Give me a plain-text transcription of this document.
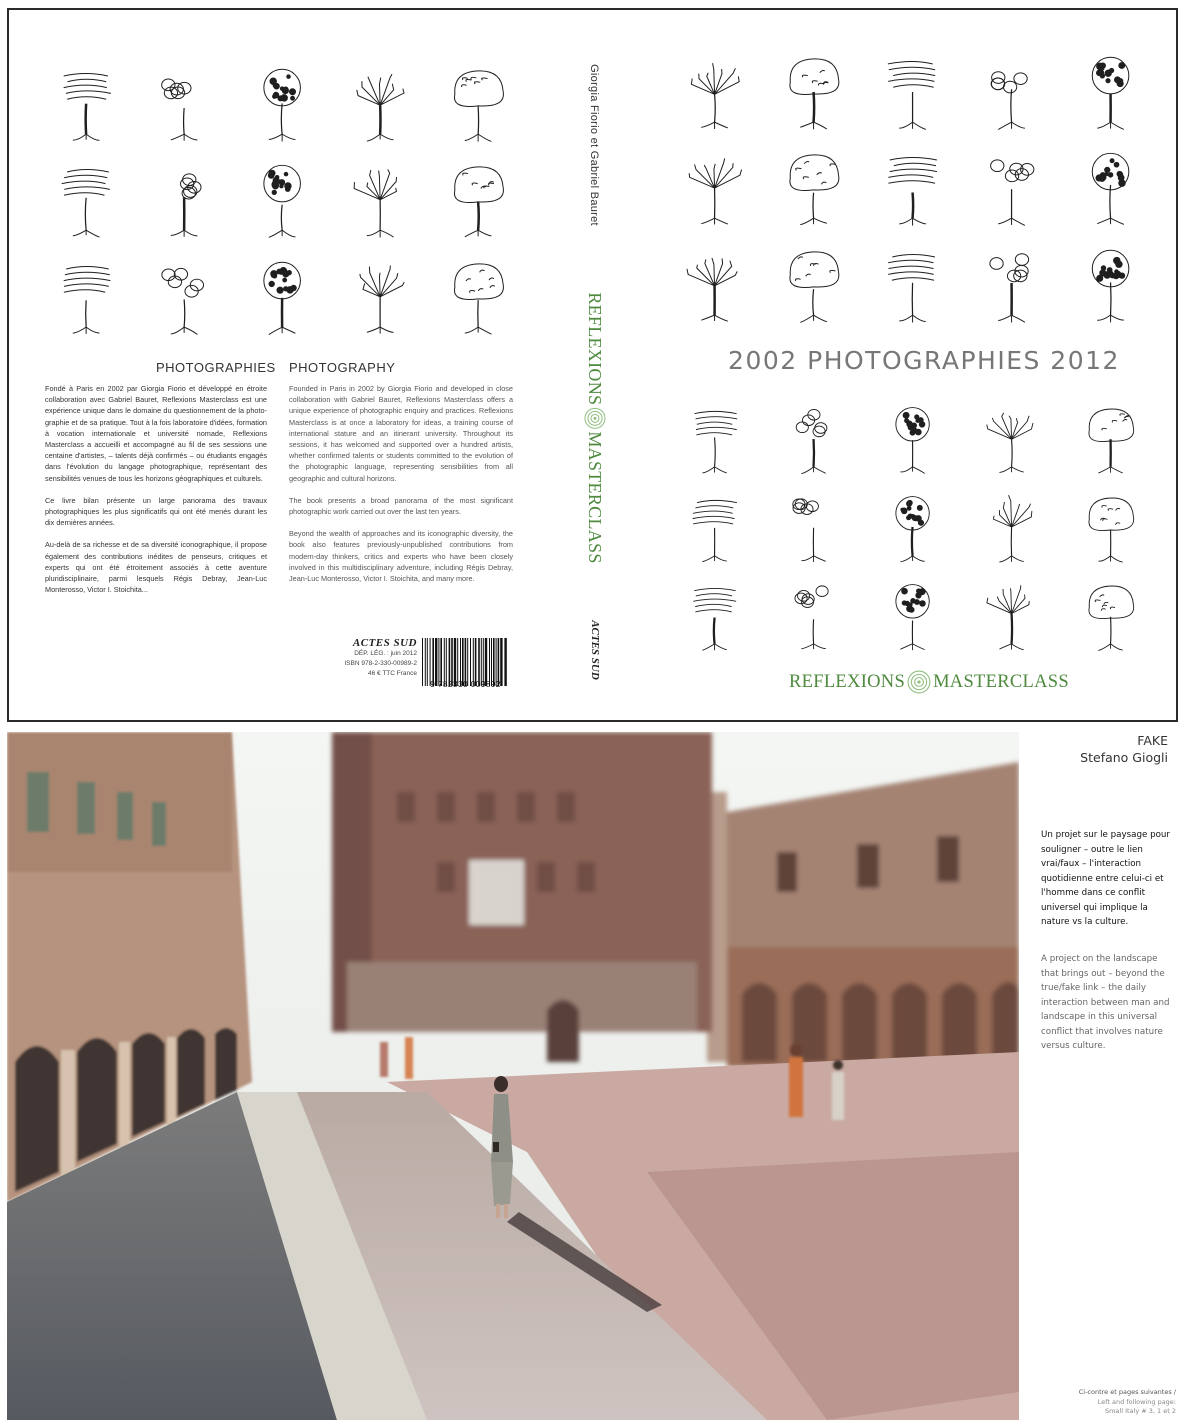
PHOTOGRAPHIES PHOTOGRAPHY

Fondé à Paris en 2002 par Giorgia Fiorio et développé en étroite collaboration avec Gabriel Bauret, Reflexions Masterclass est une expérience unique dans le domaine du questionnement de la photo-graphie et de sa pratique. Tout à la fois laboratoire d'idées, formation à vocation internationale et université nomade, Reflexions Masterclass a accueilli et accompagné au fil de ses sessions une centaine d'artistes, – talents déjà confirmés – ou étudiants engagés dans l'évolution du langage photographique, représentant des sensibilités venues de tous les horizons géographiques et culturels.

Ce livre bilan présente un large panorama des travaux photographiques les plus significatifs qui ont été menés durant les dix dernières années.

Au-delà de sa richesse et de sa diversité iconographique, il propose également des contributions inédites de penseurs, critiques et experts qui ont été étroitement associés à cette aventure pluridisciplinaire, parmi lesquels Régis Debray, Jean-Luc Monterosso, Victor I. Stoichita...

Founded in Paris in 2002 by Giorgia Fiorio and developed in close collaboration with Gabriel Bauret, Reflexions Masterclass offers a unique experience of photographic enquiry and practices. Reflexions Masterclass is at once a laboratory for ideas, a training course of international stature and an itinerant university. Throughout its sessions, it has welcomed and supported over a hundred artists, whether confirmed talents or students committed to the evolution of the photographic language, representing sensibilities from all geographic and cultural horizons.

The book presents a broad panorama of the most significant photographic work carried out over the last ten years.

Beyond the wealth of approaches and its iconographic diversity, the book also features previously-unpublished contributions from modern-day thinkers, critics and experts who have been closely involved in this multidisciplinary adventure, including Régis Debray, Jean-Luc Monterosso, Victor I. Stoichita, and many more.

ACTES SUD
DÉP. LÉG. : juin 2012
ISBN 978-2-330-00989-2
46 € TTC France
9 782330 009892
Giorgia Fiorio et Gabriel Bauret
REFLEXIONS
MASTERCLASS
ACTES SUD
2002 PHOTOGRAPHIES 2012
REFLEXIONS MASTERCLASS
FAKE
Stefano Giogli
Un projet sur le paysage pour souligner – outre le lien vrai/faux – l'interaction quotidienne entre celui-ci et l'homme dans ce conflit universel qui implique la nature vs la culture.
A project on the landscape that brings out – beyond the true/fake link – the daily interaction between man and landscape in this universal conflict that involves nature versus culture.
Ci-contre et pages suivantes /
Left and following page:
Small Italy # 3, 1 et 2
